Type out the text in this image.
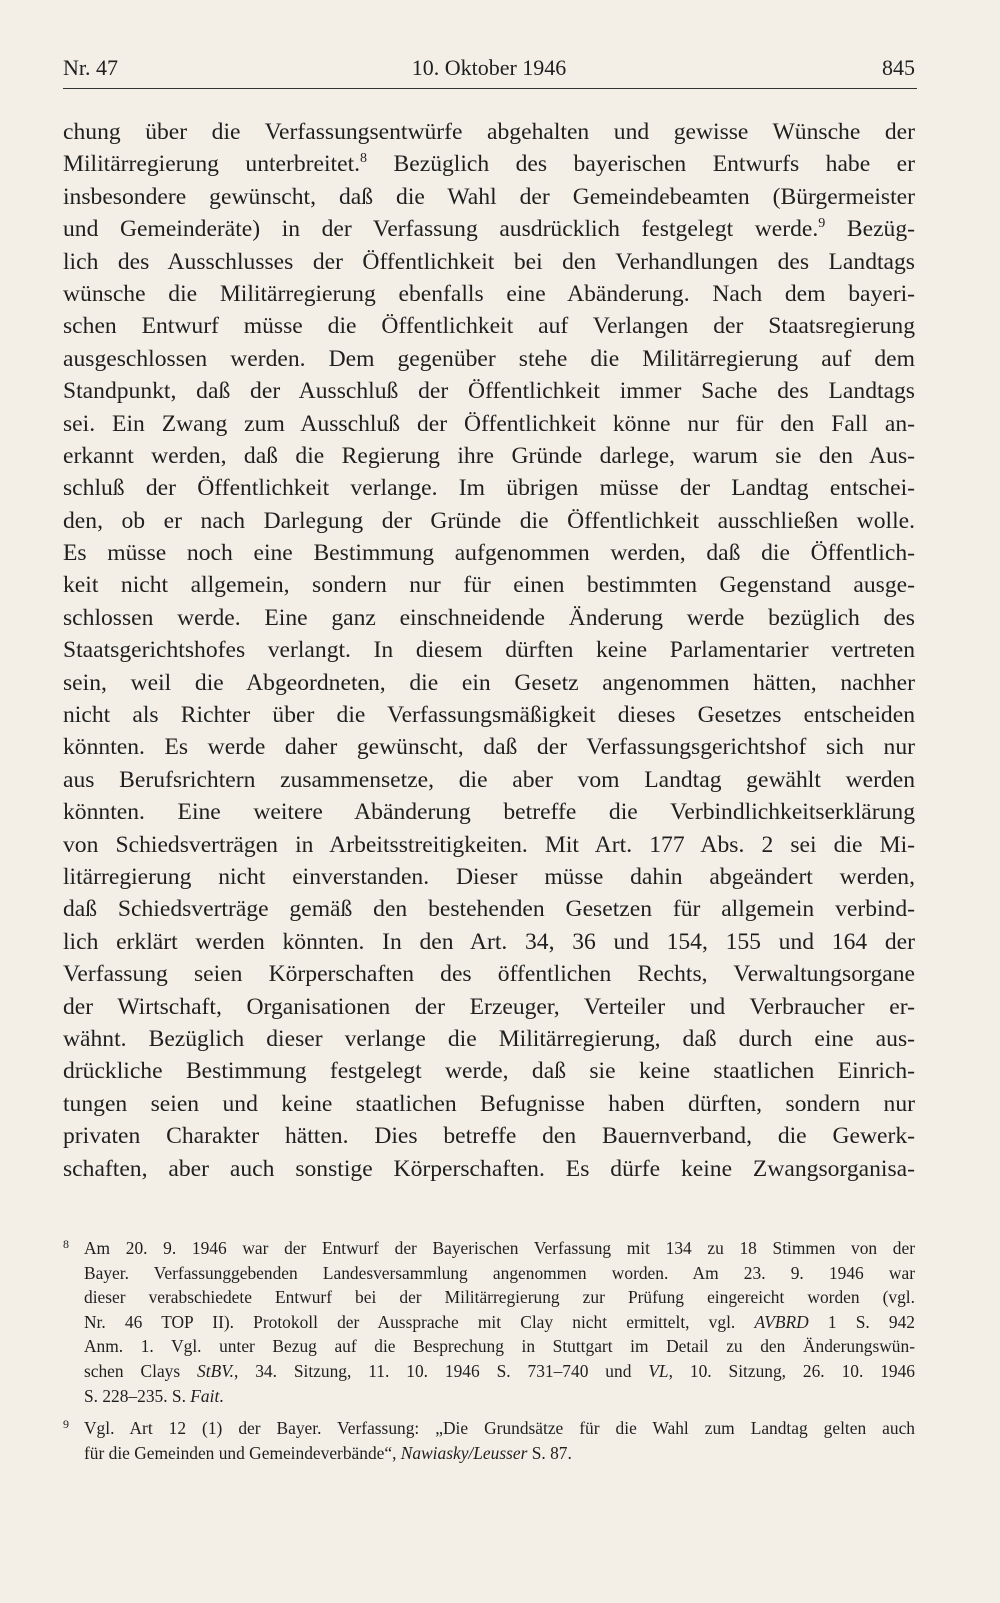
Nr. 47	10. Oktober 1946	845
chung über die Verfassungsentwürfe abgehalten und gewisse Wünsche der
Militärregierung unterbreitet.$^8$ Bezüglich des bayerischen Entwurfs habe er
insbesondere gewünscht, daß die Wahl der Gemeindebeamten (Bürgermeister
und Gemeinderäte) in der Verfassung ausdrücklich festgelegt werde.$^9$ Bezüg-
lich des Ausschlusses der Öffentlichkeit bei den Verhandlungen des Landtags
wünsche die Militärregierung ebenfalls eine Abänderung. Nach dem bayeri-
schen Entwurf müsse die Öffentlichkeit auf Verlangen der Staatsregierung
ausgeschlossen werden. Dem gegenüber stehe die Militärregierung auf dem
Standpunkt, daß der Ausschluß der Öffentlichkeit immer Sache des Landtags
sei. Ein Zwang zum Ausschluß der Öffentlichkeit könne nur für den Fall an-
erkannt werden, daß die Regierung ihre Gründe darlege, warum sie den Aus-
schluß der Öffentlichkeit verlange. Im übrigen müsse der Landtag entschei-
den, ob er nach Darlegung der Gründe die Öffentlichkeit ausschließen wolle.
Es müsse noch eine Bestimmung aufgenommen werden, daß die Öffentlich-
keit nicht allgemein, sondern nur für einen bestimmten Gegenstand ausge-
schlossen werde. Eine ganz einschneidende Änderung werde bezüglich des
Staatsgerichtshofes verlangt. In diesem dürften keine Parlamentarier vertreten
sein, weil die Abgeordneten, die ein Gesetz angenommen hätten, nachher
nicht als Richter über die Verfassungsmäßigkeit dieses Gesetzes entscheiden
könnten. Es werde daher gewünscht, daß der Verfassungsgerichtshof sich nur
aus Berufsrichtern zusammensetze, die aber vom Landtag gewählt werden
könnten. Eine weitere Abänderung betreffe die Verbindlichkeitserklärung
von Schiedsverträgen in Arbeitsstreitigkeiten. Mit Art. 177 Abs. 2 sei die Mi-
litärregierung nicht einverstanden. Dieser müsse dahin abgeändert werden,
daß Schiedsverträge gemäß den bestehenden Gesetzen für allgemein verbind-
lich erklärt werden könnten. In den Art. 34, 36 und 154, 155 und 164 der
Verfassung seien Körperschaften des öffentlichen Rechts, Verwaltungsorgane
der Wirtschaft, Organisationen der Erzeuger, Verteiler und Verbraucher er-
wähnt. Bezüglich dieser verlange die Militärregierung, daß durch eine aus-
drückliche Bestimmung festgelegt werde, daß sie keine staatlichen Einrich-
tungen seien und keine staatlichen Befugnisse haben dürften, sondern nur
privaten Charakter hätten. Dies betreffe den Bauernverband, die Gewerk-
schaften, aber auch sonstige Körperschaften. Es dürfe keine Zwangsorganisa-
8 Am 20. 9. 1946 war der Entwurf der Bayerischen Verfassung mit 134 zu 18 Stimmen von der
Bayer. Verfassunggebenden Landesversammlung angenommen worden. Am 23. 9. 1946 war
dieser verabschiedete Entwurf bei der Militärregierung zur Prüfung eingereicht worden (vgl.
Nr. 46 TOP II). Protokoll der Aussprache mit Clay nicht ermittelt, vgl. AVBRD 1 S. 942
Anm. 1. Vgl. unter Bezug auf die Besprechung in Stuttgart im Detail zu den Änderungswün-
schen Clays StBV., 34. Sitzung, 11. 10. 1946 S. 731–740 und VL, 10. Sitzung, 26. 10. 1946
S. 228–235. S. Fait.
9 Vgl. Art 12 (1) der Bayer. Verfassung: „Die Grundsätze für die Wahl zum Landtag gelten auch
für die Gemeinden und Gemeindeverbände“, Nawiasky/Leusser S. 87.
